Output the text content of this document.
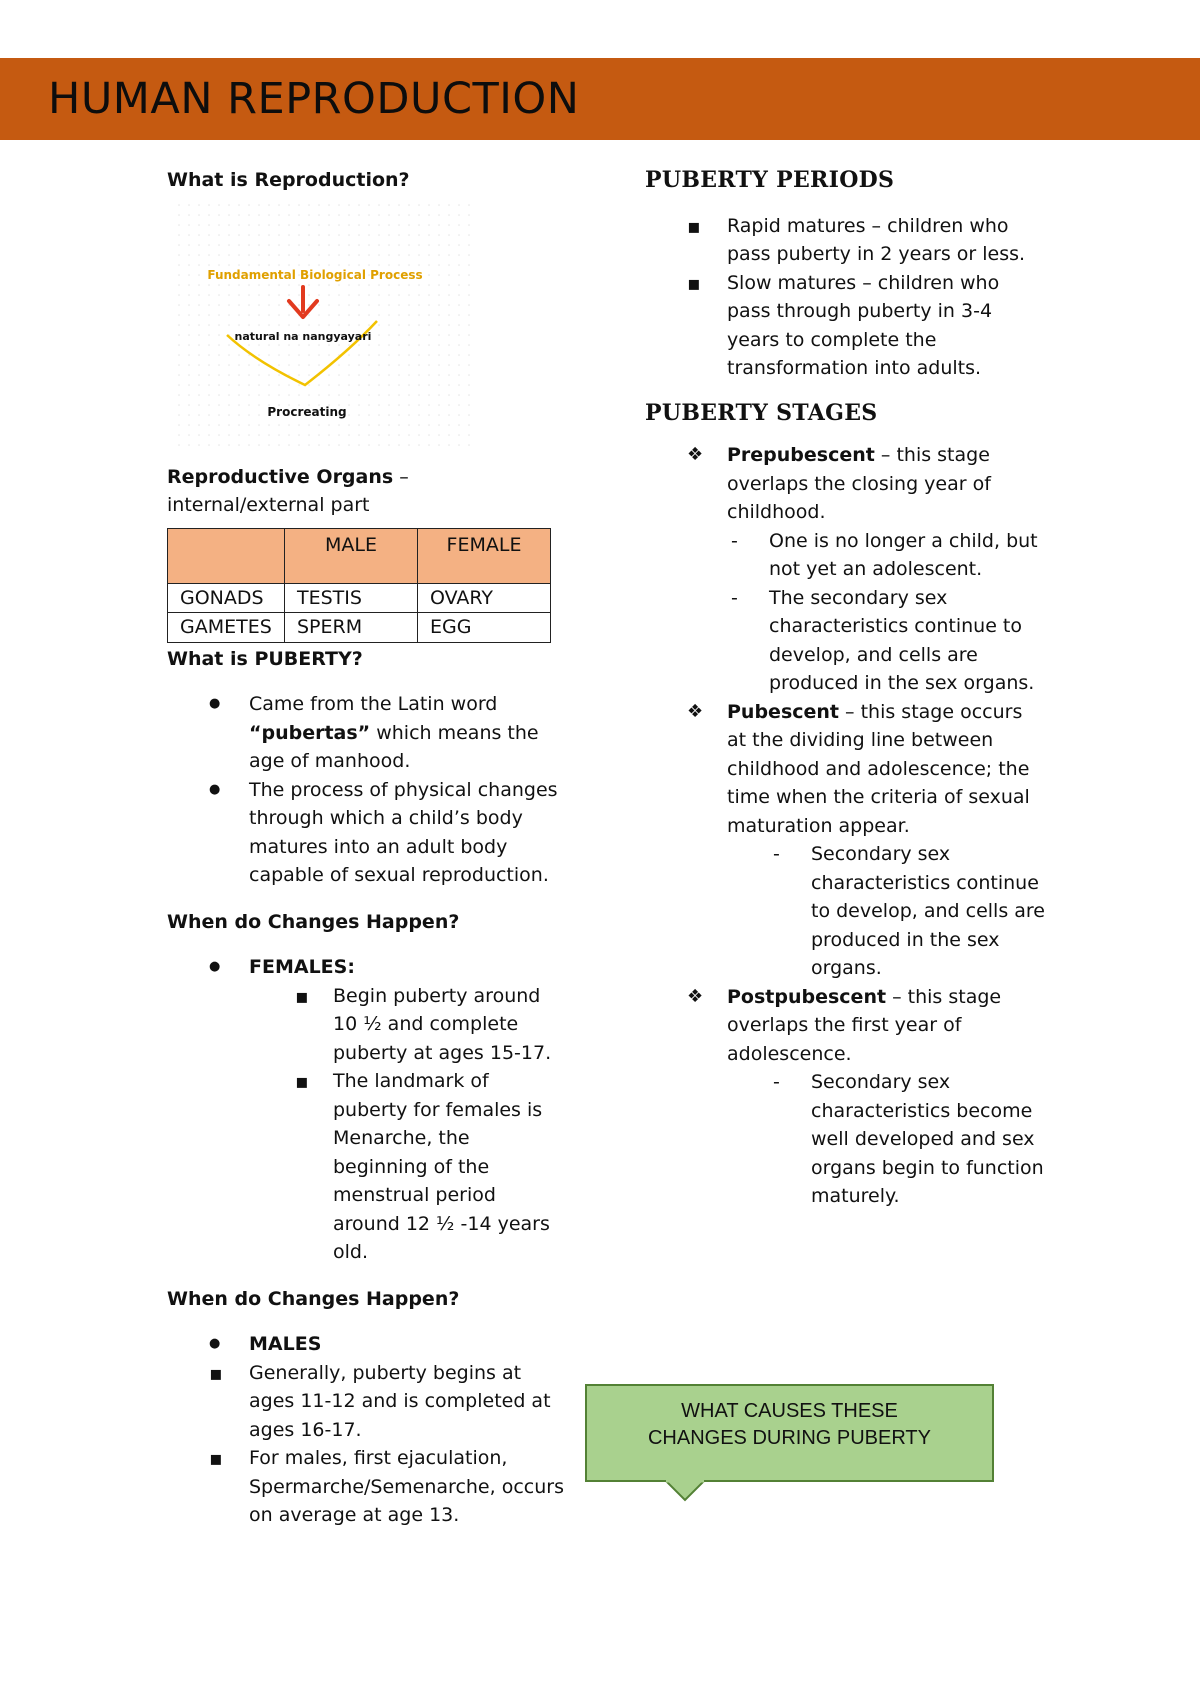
HUMAN REPRODUCTION

What is Reproduction?

Fundamental Biological Process
natural na nangyayari
Procreating

Reproductive Organs – internal/external part

	MALE	FEMALE
GONADS	TESTIS	OVARY
GAMETES	SPERM	EGG

What is PUBERTY?

● Came from the Latin word “pubertas” which means the age of manhood.
● The process of physical changes through which a child’s body matures into an adult body capable of sexual reproduction.

When do Changes Happen?

● FEMALES:
▪ Begin puberty around 10 ½ and complete puberty at ages 15-17.
▪ The landmark of puberty for females is Menarche, the beginning of the menstrual period around 12 ½ -14 years old.

When do Changes Happen?

● MALES
▪ Generally, puberty begins at ages 11-12 and is completed at ages 16-17.
▪ For males, first ejaculation, Spermarche/Semenarche, occurs on average at age 13.

PUBERTY PERIODS

▪ Rapid matures – children who pass puberty in 2 years or less.
▪ Slow matures – children who pass through puberty in 3-4 years to complete the transformation into adults.

PUBERTY STAGES

❖ Prepubescent – this stage overlaps the closing year of childhood.
- One is no longer a child, but not yet an adolescent.
- The secondary sex characteristics continue to develop, and cells are produced in the sex organs.
❖ Pubescent – this stage occurs at the dividing line between childhood and adolescence; the time when the criteria of sexual maturation appear.
- Secondary sex characteristics continue to develop, and cells are produced in the sex organs.
❖ Postpubescent – this stage overlaps the first year of adolescence.
- Secondary sex characteristics become well developed and sex organs begin to function maturely.
WHAT CAUSES THESE
CHANGES DURING PUBERTY
